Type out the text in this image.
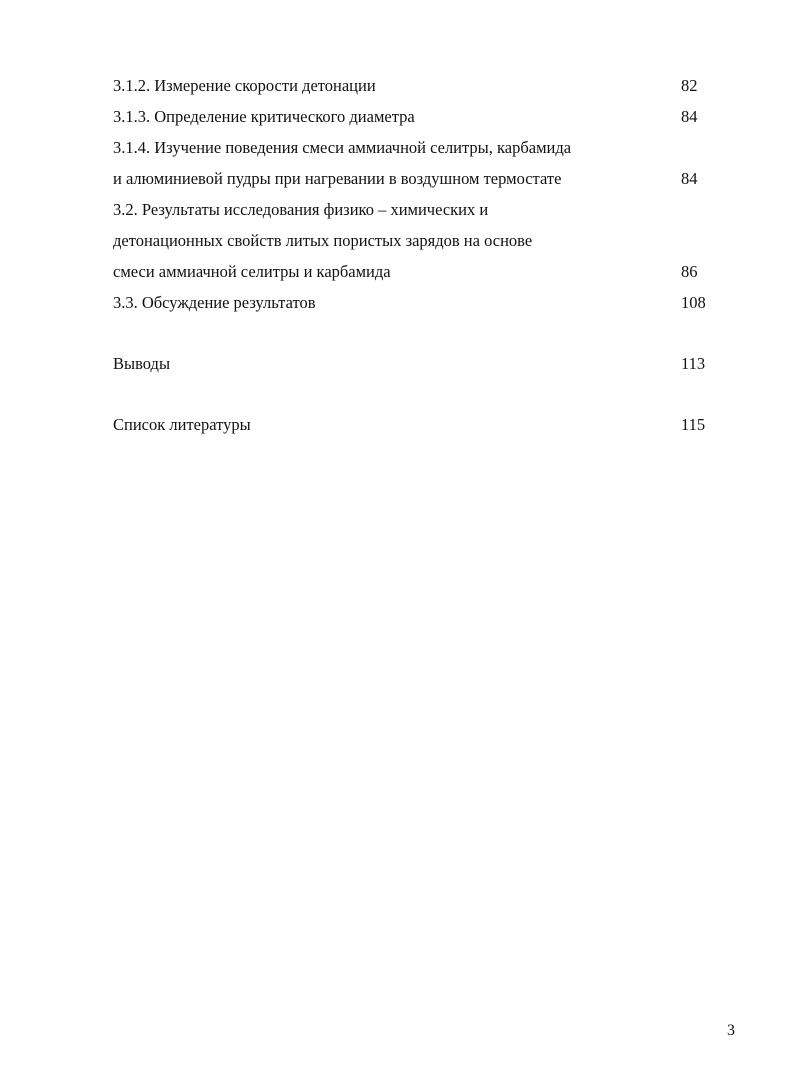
3.1.2. Измерение скорости детонации	82
3.1.3. Определение критического диаметра	84
3.1.4. Изучение поведения смеси аммиачной селитры, карбамида
и алюминиевой пудры при нагревании в воздушном термостате	84
3.2. Результаты исследования физико – химических и
детонационных свойств литых пористых зарядов на основе
смеси аммиачной селитры и карбамида	86
3.3. Обсуждение результатов	108
Выводы	113
Список литературы	115
3
